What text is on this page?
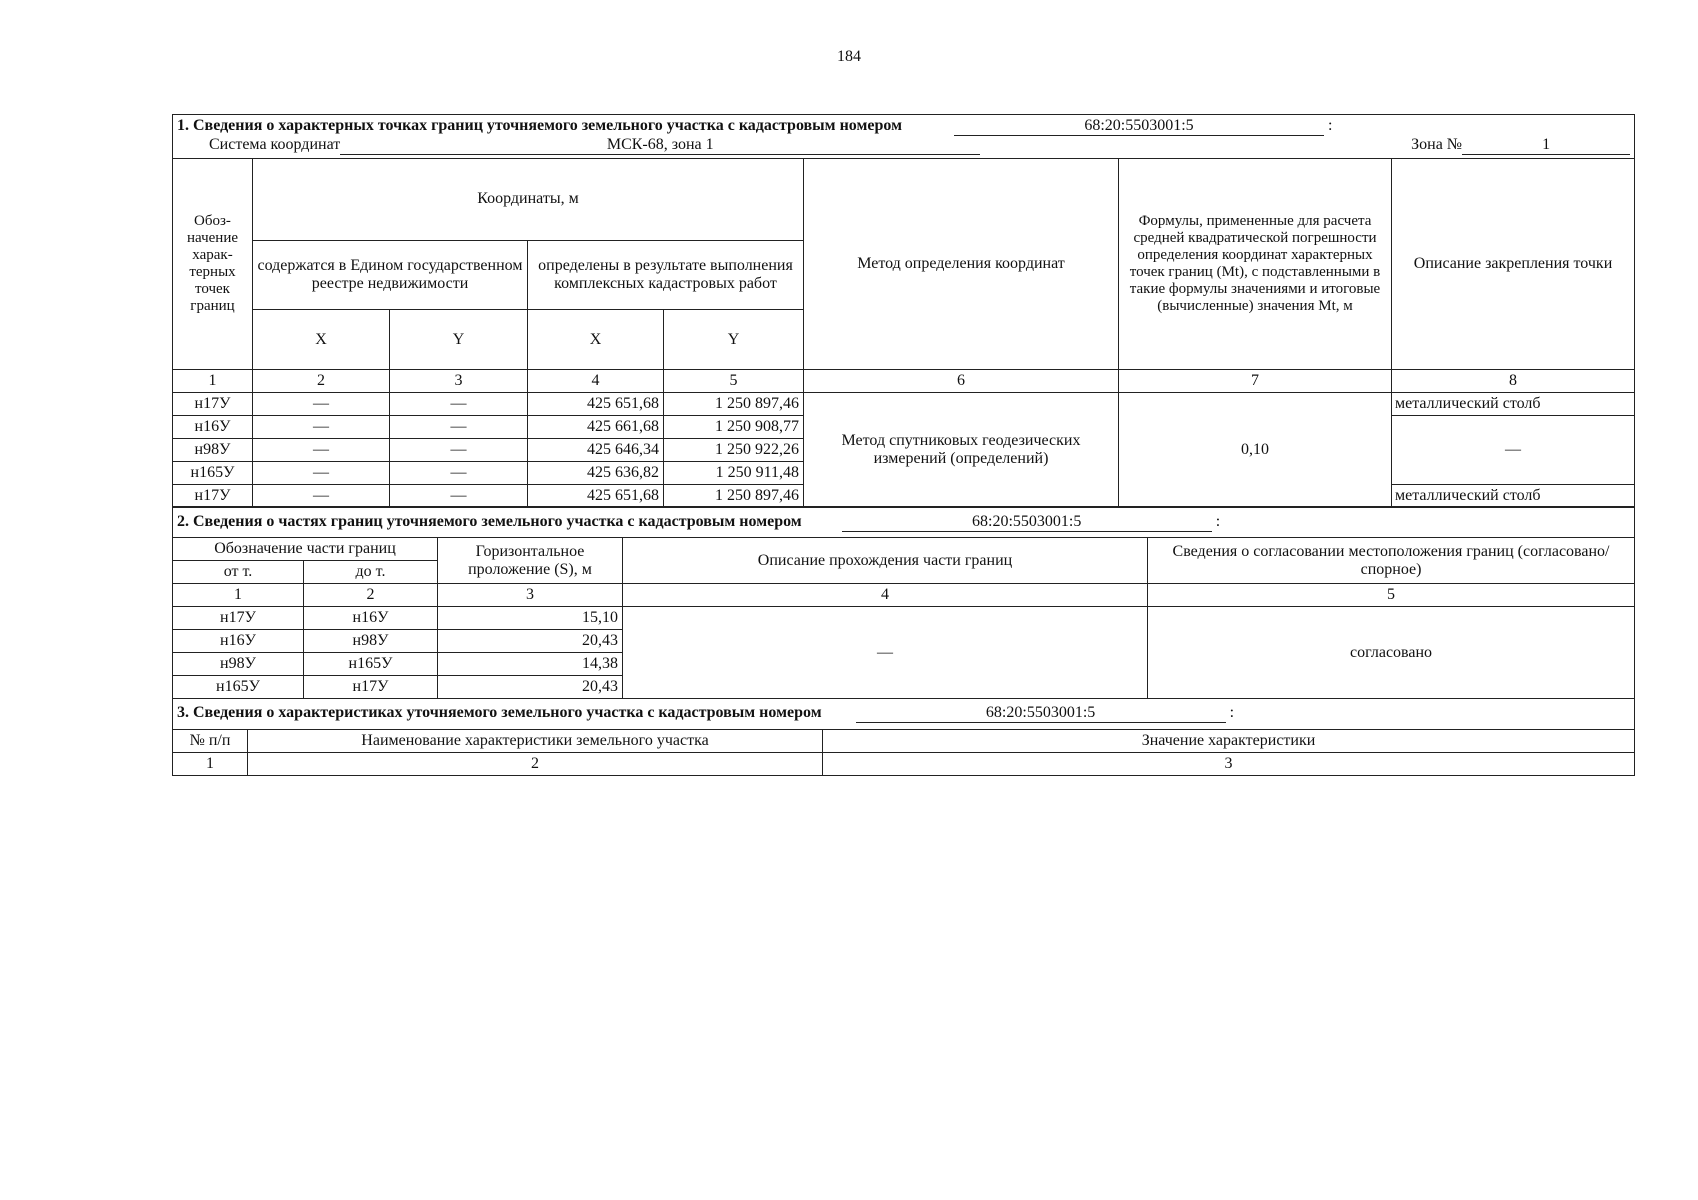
184
1. Сведения о характерных точках границ уточняемого земельного участка с кадастровым номером 68:20:5503001:5 :							
Система координат МСК-68, зона 1 Зона № 1							

Обоз- начение харак- терных точек границ	Координаты, м				Метод определения координат	Формулы, примененные для расчета средней квадратической погрешности определения координат характерных точек границ (Mt), с подставленными в такие формулы значениями и итоговые (вычисленные) значения Mt, м	Описание закрепления точки
	содержатся в Едином государственном реестре недвижимости		определены в результате выполнения комплексных кадастровых работ				
	X	Y	X	Y			
1	2	3	4	5	6	7	8
н17У	—	—	425 651,68	1 250 897,46	Метод спутниковых геодезических измерений (определений)	0,10	металлический столб
н16У	—	—	425 661,68	1 250 908,77			—
н98У	—	—	425 646,34	1 250 922,26			
н165У	—	—	425 636,82	1 250 911,48			
н17У	—	—	425 651,68	1 250 897,46			металлический столб
2. Сведения о частях границ уточняемого земельного участка с кадастровым номером 68:20:5503001:5 :				
Обозначение части границ		Горизонтальное проложение (S), м	Описание прохождения части границ	Сведения о согласовании местоположения границ (согласовано/спорное)
от т.	до т.			
1	2	3	4	5
н17У	н16У	15,10	—	согласовано
н16У	н98У	20,43		
н98У	н165У	14,38		
н165У	н17У	20,43		
3. Сведения о характеристиках уточняемого земельного участка с кадастровым номером 68:20:5503001:5 :		
№ п/п	Наименование характеристики земельного участка	Значение характеристики
1	2	3
